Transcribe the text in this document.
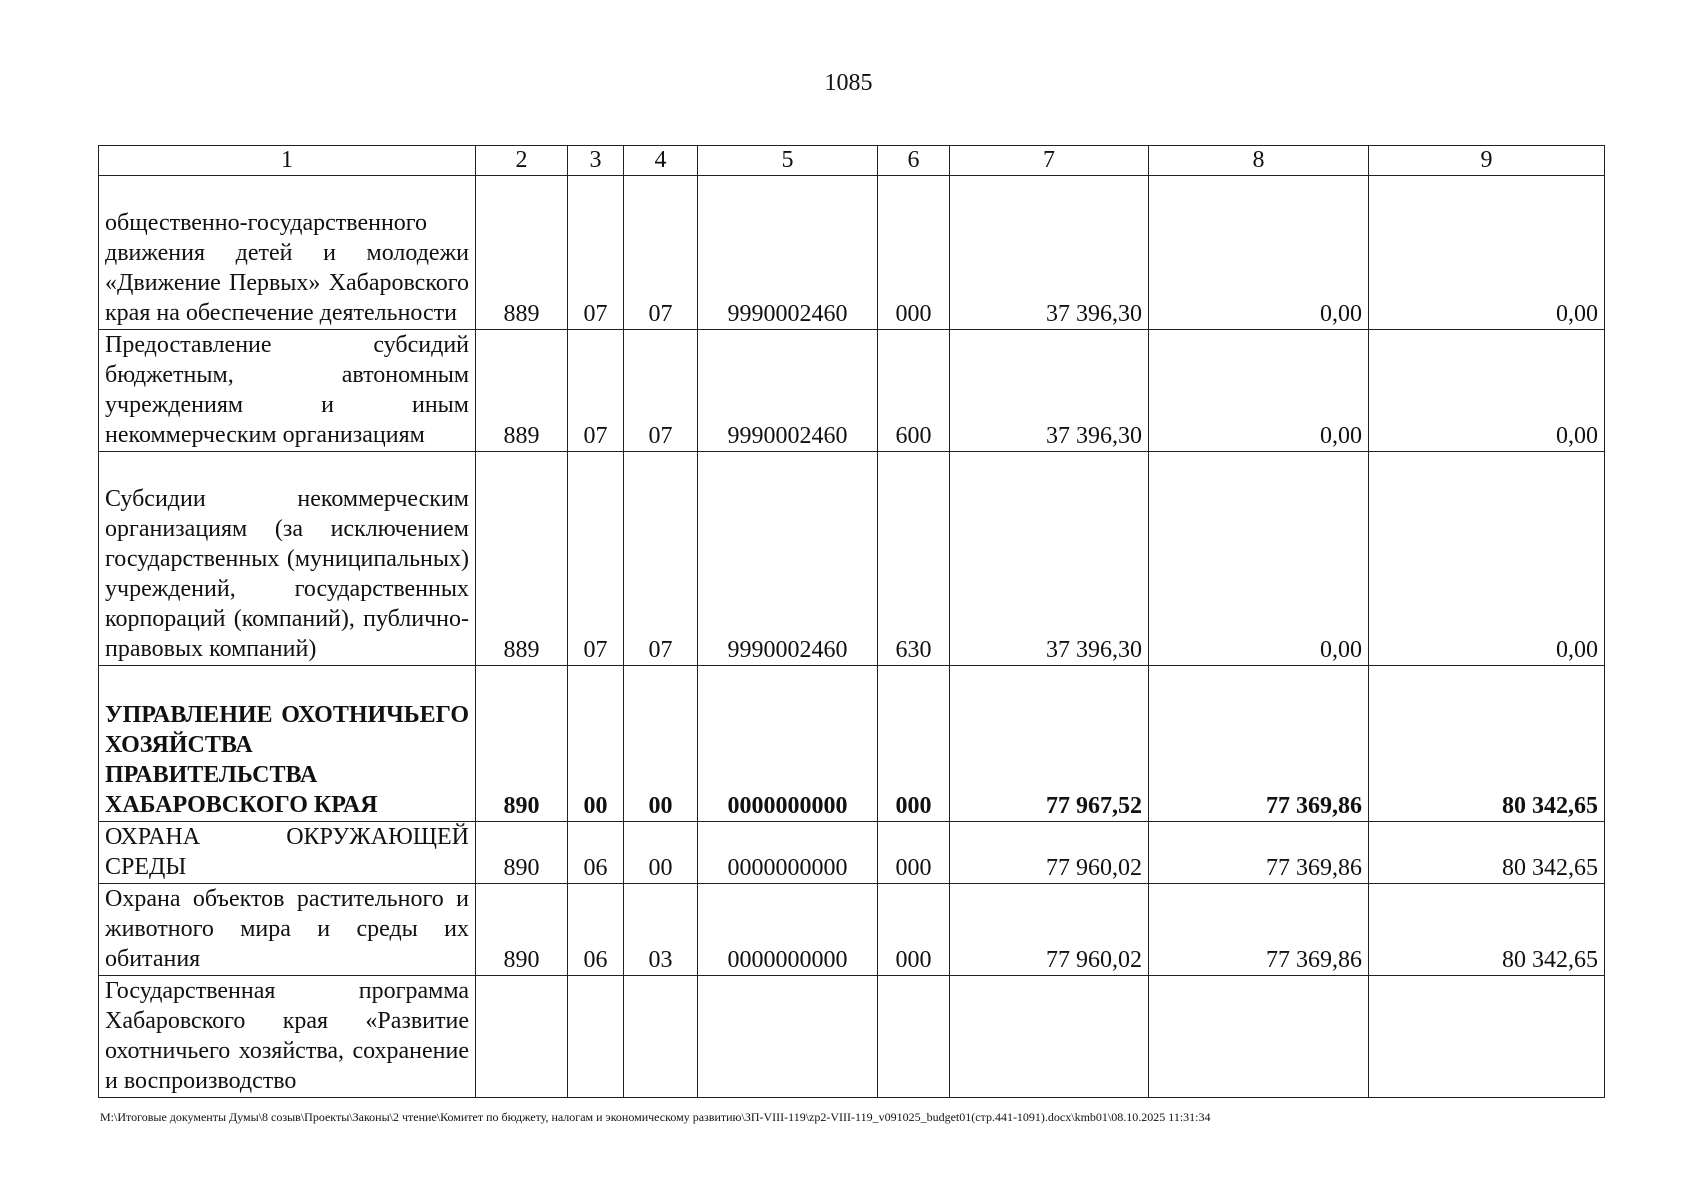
1085
1	2	3	4	5	6	7	8	9
общественно-государственного движения детей и молодежи «Движение Первых» Хабаровского края на обеспечение деятельности	889	07	07	9990002460	000	37 396,30	0,00	0,00
Предоставление субсидий бюджетным, автономным учреждениям и иным некоммерческим организациям	889	07	07	9990002460	600	37 396,30	0,00	0,00
Субсидии некоммерческим организациям (за исключением государственных (муниципальных) учреждений, государственных корпораций (компаний), публично-правовых компаний)	889	07	07	9990002460	630	37 396,30	0,00	0,00
УПРАВЛЕНИЕ ОХОТНИЧЬЕГО ХОЗЯЙСТВА ПРАВИТЕЛЬСТВА ХАБАРОВСКОГО КРАЯ	890	00	00	0000000000	000	77 967,52	77 369,86	80 342,65
ОХРАНА ОКРУЖАЮЩЕЙ СРЕДЫ	890	06	00	0000000000	000	77 960,02	77 369,86	80 342,65
Охрана объектов растительного и животного мира и среды их обитания	890	06	03	0000000000	000	77 960,02	77 369,86	80 342,65
Государственная программа Хабаровского края «Развитие охотничьего хозяйства, сохранение и воспроизводство								
M:\Итоговые документы Думы\8 созыв\Проекты\Законы\2 чтение\Комитет по бюджету, налогам и экономическому развитию\ЗП-VIII-119\zp2-VIII-119_v091025_budget01(стр.441-1091).docx\kmb01\08.10.2025 11:31:34
